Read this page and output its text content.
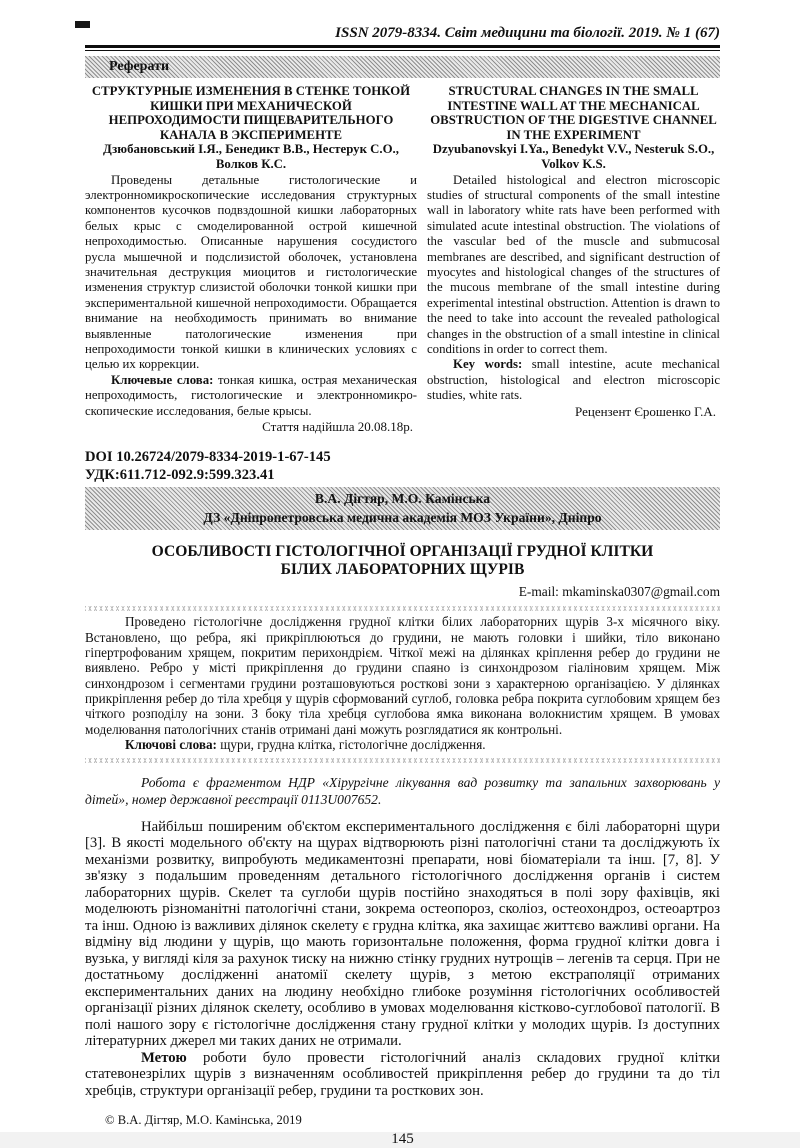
ISSN 2079-8334. Світ медицини та біології. 2019. № 1 (67)
Реферати
СТРУКТУРНЫЕ ИЗМЕНЕНИЯ В СТЕНКЕ ТОНКОЙ КИШКИ ПРИ МЕХАНИЧЕСКОЙ НЕПРОХОДИМОСТИ ПИЩЕВАРИТЕЛЬНОГО КАНАЛА В ЭКСПЕРИМЕНТЕ
Дзюбановський І.Я., Бенедикт В.В., Нестерук С.О., Волков К.С.
Проведены детальные гистологические и электронномикроскопические исследования структурных компонентов кусочков подвздошной кишки лабораторных белых крыс с смоделированной острой кишечной непроходимостью. Описанные нарушения сосудистого русла мышечной и подслизистой оболочек, установлена значительная деструкция миоцитов и гистологические изменения структур слизистой оболочки тонкой кишки при экспериментальной кишечной непроходимости. Обращается внимание на необходимость принимать во внимание выявленные патологические изменения при непроходимости тонкой кишки в клинических условиях с целью их коррекции.
Ключевые слова: тонкая кишка, острая механическая непроходимость, гистологические и электронномикро-скопические исследования, белые крысы.
Стаття надійшла 20.08.18р.
STRUCTURAL CHANGES IN THE SMALL INTESTINE WALL AT THE MECHANICAL OBSTRUCTION OF THE DIGESTIVE CHANNEL IN THE EXPERIMENT
Dzyubanovskyi I.Ya., Benedykt V.V., Nesteruk S.O., Volkov K.S.
Detailed histological and electron microscopic studies of structural components of the small intestine wall in laboratory white rats have been performed with simulated acute intestinal obstruction. The violations of the vascular bed of the muscle and submucosal membranes are described, and significant destruction of myocytes and histological changes of the structures of the mucous membrane of the small intestine during experimental intestinal obstruction. Attention is drawn to the need to take into account the revealed pathological changes in the obstruction of a small intestine in clinical conditions in order to correct them.
Key words: small intestine, acute mechanical obstruction, histological and electron microscopic studies, white rats.
Рецензент Єрошенко Г.А.
DOI 10.26724/2079-8334-2019-1-67-145
УДК:611.712-092.9:599.323.41
В.А. Дігтяр, М.О. Камінська
ДЗ «Дніпропетровська медична академія МОЗ України», Дніпро
ОСОБЛИВОСТІ ГІСТОЛОГІЧНОЇ ОРГАНІЗАЦІЇ ГРУДНОЇ КЛІТКИ
БІЛИХ ЛАБОРАТОРНИХ ЩУРІВ
E-mail: mkaminska0307@gmail.com
Проведено гістологічне дослідження грудної клітки білих лабораторних щурів 3-х місячного віку. Встановлено, що ребра, які прикріплюються до грудини, не мають головки і шийки, тіло виконано гіпертрофованим хрящем, покритим перихондрієм. Чіткої межі на ділянках кріплення ребер до грудини не виявлено. Ребро у місті прикріплення до грудини спаяно із синхондрозом гіаліновим хрящем. Між синхондрозом і сегментами грудини розташовуються росткові зони з характерною організацією. У ділянках прикріплення ребер до тіла хребця у щурів сформований суглоб, головка ребра покрита суглобовим хрящем без чіткого розподілу на зони. З боку тіла хребця суглобова ямка виконана волокнистим хрящем. В умовах моделювання патологічних станів отримані дані можуть розглядатися як контрольні.
Ключові слова: щури, грудна клітка, гістологічне дослідження.
Робота є фрагментом НДР «Хірургічне лікування вад розвитку та запальних захворювань у дітей», номер державної реєстрації 0113U007652.
Найбільш поширеним об'єктом експериментального дослідження є білі лабораторні щури [3]. В якості модельного об'єкту на щурах відтворюють різні патологічні стани та досліджують їх механізми розвитку, випробують медикаментозні препарати, нові біоматеріали та інш. [7, 8]. У зв'язку з подальшим проведенням детального гістологічного дослідження органів і систем лабораторних щурів. Скелет та суглоби щурів постійно знаходяться в полі зору фахівців, які моделюють різноманітні патологічні стани, зокрема остеопороз, сколіоз, остеохондроз, остеоартроз та інш. Одною із важливих ділянок скелету є грудна клітка, яка захищає життєво важливі органи. На відміну від людини у щурів, що мають горизонтальне положення, форма грудної клітки довга і вузька, у вигляді кіля за рахунок тиску на нижню стінку грудних нутрощів – легенів та серця. При не достатньому дослідженні анатомії скелету щурів, з метою екстраполяції отриманих експериментальних даних на людину необхідно глибоке розуміння гістологічних особливостей організації різних ділянок скелету, особливо в умовах моделювання кістково-суглобової патології. В полі нашого зору є гістологічне дослідження стану грудної клітки у молодих щурів. Із доступних літературних джерел ми таких даних не отримали.
Метою роботи було провести гістологічний аналіз складових грудної клітки статевонезрілих щурів з визначенням особливостей прикріплення ребер до грудини та до тіл хребців, структури організації ребер, грудини та росткових зон.
© В.А. Дігтяр, М.О. Камінська, 2019
145
